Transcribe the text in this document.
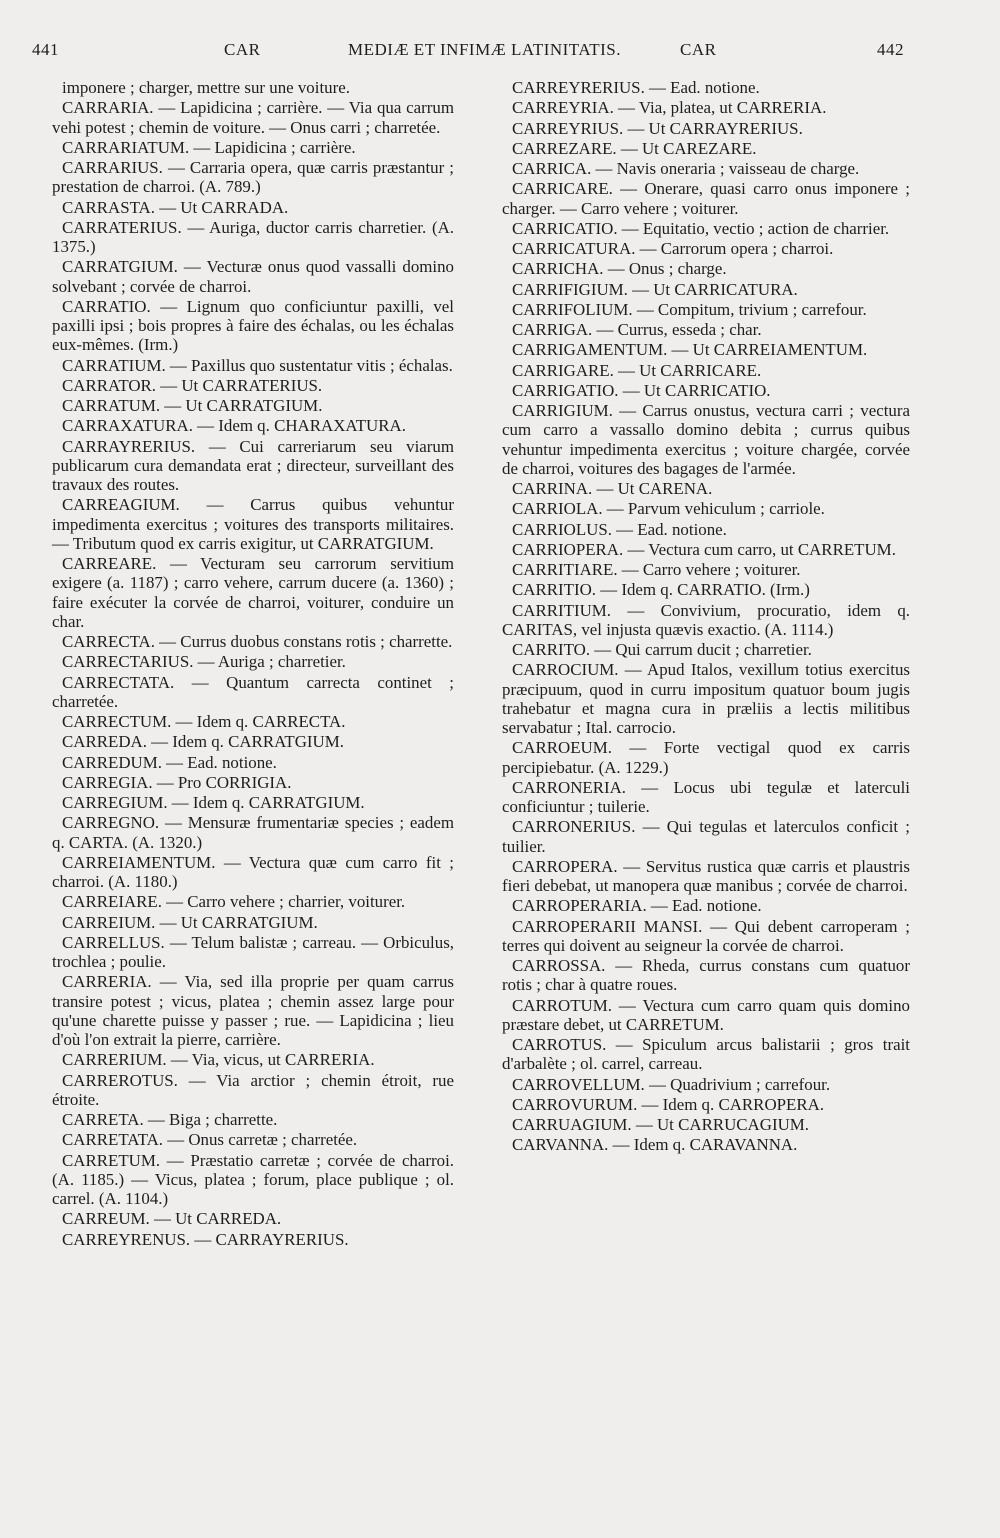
441	CAR	MEDIÆ ET INFIMÆ LATINITATIS.	CAR	442

imponere ; charger, mettre sur une voiture.

CARRARIA. — Lapidicina ; carrière. — Via qua carrum vehi potest ; chemin de voiture. — Onus carri ; charretée.

CARRARIATUM. — Lapidicina ; carrière.

CARRARIUS. — Carraria opera, quæ carris præstantur ; prestation de charroi. (A. 789.)

CARRASTA. — Ut CARRADA.

CARRATERIUS. — Auriga, ductor carris charretier. (A. 1375.)

CARRATGIUM. — Vecturæ onus quod vassalli domino solvebant ; corvée de charroi.

CARRATIO. — Lignum quo conficiuntur paxilli, vel paxilli ipsi ; bois propres à faire des échalas, ou les échalas eux-mêmes. (Irm.)

CARRATIUM. — Paxillus quo sustentatur vitis ; échalas.

CARRATOR. — Ut CARRATERIUS.

CARRATUM. — Ut CARRATGIUM.

CARRAXATURA. — Idem q. CHARAXATURA.

CARRAYRERIUS. — Cui carreriarum seu viarum publicarum cura demandata erat ; directeur, surveillant des travaux des routes.

CARREAGIUM. — Carrus quibus vehuntur impedimenta exercitus ; voitures des transports militaires. — Tributum quod ex carris exigitur, ut CARRATGIUM.

CARREARE. — Vecturam seu carrorum servitium exigere (a. 1187) ; carro vehere, carrum ducere (a. 1360) ; faire exécuter la corvée de charroi, voiturer, conduire un char.

CARRECTA. — Currus duobus constans rotis ; charrette.

CARRECTARIUS. — Auriga ; charretier.

CARRECTATA. — Quantum carrecta continet ; charretée.

CARRECTUM. — Idem q. CARRECTA.

CARREDA. — Idem q. CARRATGIUM.

CARREDUM. — Ead. notione.

CARREGIA. — Pro CORRIGIA.

CARREGIUM. — Idem q. CARRATGIUM.

CARREGNO. — Mensuræ frumentariæ species ; eadem q. CARTA. (A. 1320.)

CARREIAMENTUM. — Vectura quæ cum carro fit ; charroi. (A. 1180.)

CARREIARE. — Carro vehere ; charrier, voiturer.

CARREIUM. — Ut CARRATGIUM.

CARRELLUS. — Telum balistæ ; carreau. — Orbiculus, trochlea ; poulie.

CARRERIA. — Via, sed illa proprie per quam carrus transire potest ; vicus, platea ; chemin assez large pour qu'une charette puisse y passer ; rue. — Lapidicina ; lieu d'où l'on extrait la pierre, carrière.

CARRERIUM. — Via, vicus, ut CARRERIA.

CARREROTUS. — Via arctior ; chemin étroit, rue étroite.

CARRETA. — Biga ; charrette.

CARRETATA. — Onus carretæ ; charretée.

CARRETUM. — Præstatio carretæ ; corvée de charroi. (A. 1185.) — Vicus, platea ; forum, place publique ; ol. carrel. (A. 1104.)

CARREUM. — Ut CARREDA.

CARREYRENUS. — CARRAYRERIUS.

CARREYRERIUS. — Ead. notione.

CARREYRIA. — Via, platea, ut CARRERIA.

CARREYRIUS. — Ut CARRAYRERIUS.

CARREZARE. — Ut CAREZARE.

CARRICA. — Navis oneraria ; vaisseau de charge.

CARRICARE. — Onerare, quasi carro onus imponere ; charger. — Carro vehere ; voiturer.

CARRICATIO. — Equitatio, vectio ; action de charrier.

CARRICATURA. — Carrorum opera ; charroi.

CARRICHA. — Onus ; charge.

CARRIFIGIUM. — Ut CARRICATURA.

CARRIFOLIUM. — Compitum, trivium ; carrefour.

CARRIGA. — Currus, esseda ; char.

CARRIGAMENTUM. — Ut CARREIAMENTUM.

CARRIGARE. — Ut CARRICARE.

CARRIGATIO. — Ut CARRICATIO.

CARRIGIUM. — Carrus onustus, vectura carri ; vectura cum carro a vassallo domino debita ; currus quibus vehuntur impedimenta exercitus ; voiture chargée, corvée de charroi, voitures des bagages de l'armée.

CARRINA. — Ut CARENA.

CARRIOLA. — Parvum vehiculum ; carriole.

CARRIOLUS. — Ead. notione.

CARRIOPERA. — Vectura cum carro, ut CARRETUM.

CARRITIARE. — Carro vehere ; voiturer.

CARRITIO. — Idem q. CARRATIO. (Irm.)

CARRITIUM. — Convivium, procuratio, idem q. CARITAS, vel injusta quævis exactio. (A. 1114.)

CARRITO. — Qui carrum ducit ; charretier.

CARROCIUM. — Apud Italos, vexillum totius exercitus præcipuum, quod in curru impositum quatuor boum jugis trahebatur et magna cura in præliis a lectis militibus servabatur ; Ital. carrocio.

CARROEUM. — Forte vectigal quod ex carris percipiebatur. (A. 1229.)

CARRONERIA. — Locus ubi tegulæ et laterculi conficiuntur ; tuilerie.

CARRONERIUS. — Qui tegulas et laterculos conficit ; tuilier.

CARROPERA. — Servitus rustica quæ carris et plaustris fieri debebat, ut manopera quæ manibus ; corvée de charroi.

CARROPERARIA. — Ead. notione.

CARROPERARII MANSI. — Qui debent carroperam ; terres qui doivent au seigneur la corvée de charroi.

CARROSSA. — Rheda, currus constans cum quatuor rotis ; char à quatre roues.

CARROTUM. — Vectura cum carro quam quis domino præstare debet, ut CARRETUM.

CARROTUS. — Spiculum arcus balistarii ; gros trait d'arbalète ; ol. carrel, carreau.

CARROVELLUM. — Quadrivium ; carrefour.

CARROVURUM. — Idem q. CARROPERA.

CARRUAGIUM. — Ut CARRUCAGIUM.

CARVANNA. — Idem q. CARAVANNA.
